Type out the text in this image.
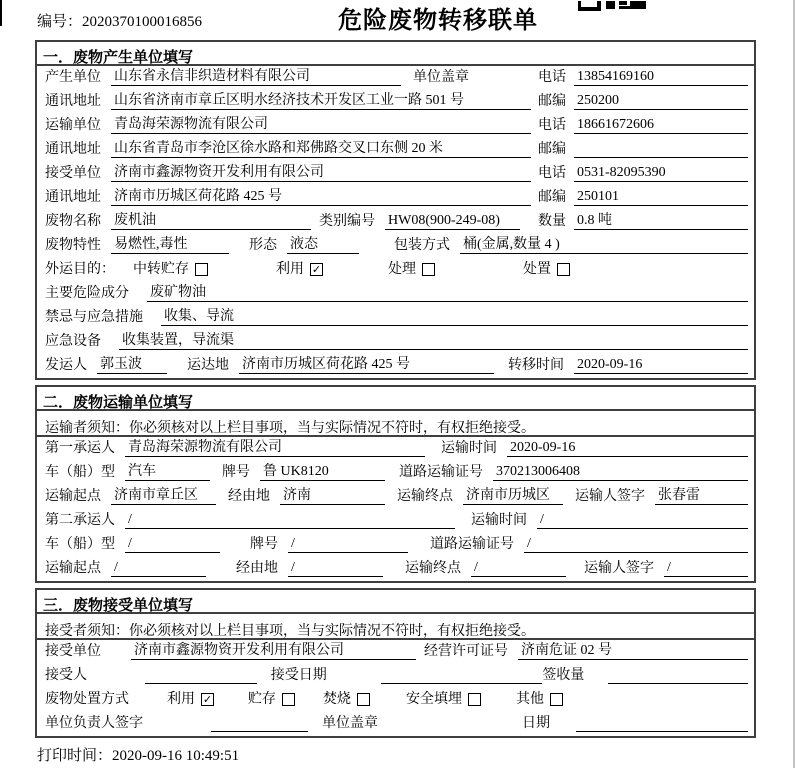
编号：2020370100016856	危险废物转移联单
一．废物产生单位填写
产生单位 山东省永信非织造材料有限公司	单位盖章	电话 13854169160
通讯地址 山东省济南市章丘区明水经济技术开发区工业一路 501 号	邮编 250200
运输单位 青岛海荣源物流有限公司	电话 18661672606
通讯地址 山东省青岛市李沧区徐水路和郑佛路交叉口东侧 20 米	邮编
接受单位 济南市鑫源物资开发利用有限公司	电话 0531-82095390
通讯地址 济南市历城区荷花路 425 号	邮编 250101
废物名称 废机油	类别编号 HW08(900-249-08)	数量 0.8 吨
废物特性 易燃性,毒性	形态 液态	包装方式 桶(金属,数量 4 )
外运目的： 中转贮存	利用 ✓	处理	处置
主要危险成分 废矿物油
禁忌与应急措施 收集、导流
应急设备 收集装置，导流渠
发运人 郭玉波	运达地 济南市历城区荷花路 425 号	转移时间 2020-09-16
二．废物运输单位填写
运输者须知：你必须核对以上栏目事项，当与实际情况不符时，有权拒绝接受。
第一承运人 青岛海荣源物流有限公司	运输时间 2020-09-16
车（船）型 汽车	牌号 鲁 UK8120	道路运输证号 370213006408
运输起点 济南市章丘区	经由地 济南	运输终点 济南市历城区	运输人签字 张春雷
第二承运人 /	运输时间 /
车（船）型 /	牌号 /	道路运输证号 /
运输起点 /	经由地 /	运输终点 /	运输人签字 /
三．废物接受单位填写
接受者须知：你必须核对以上栏目事项，当与实际情况不符时，有权拒绝接受。
接受单位 济南市鑫源物资开发利用有限公司	经营许可证号 济南危证 02 号
接受人	接受日期	签收量
废物处置方式	利用 ✓	贮存	焚烧	安全填埋	其他
单位负责人签字	单位盖章	日期
打印时间：2020-09-16 10:49:51
